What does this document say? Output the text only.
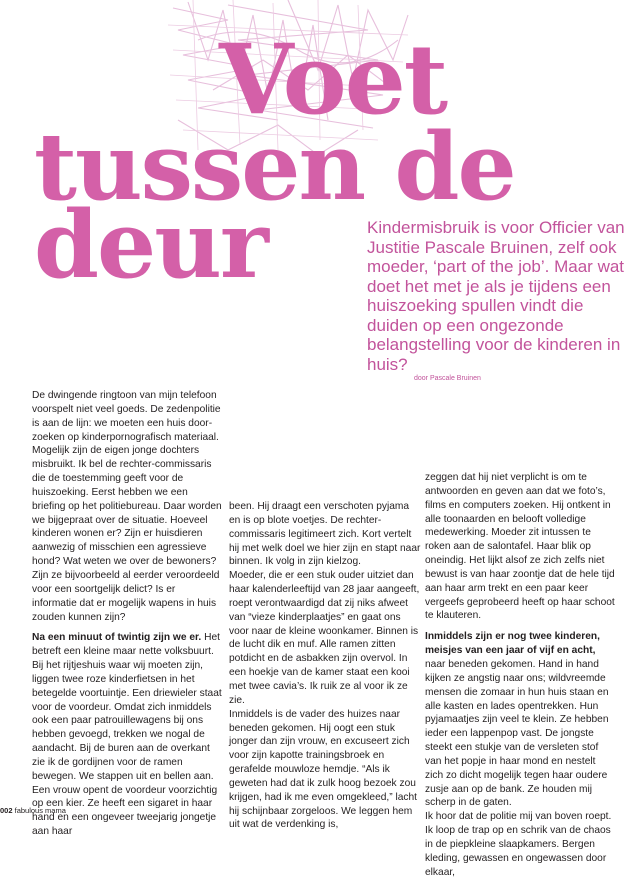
Voet
tussen de
deur	Kindermisbruik is voor Officier van Justitie Pascale Bruinen, zelf ook moeder, ‘part of the job’. Maar wat doet het met je als je tijdens een huiszoeking spullen vindt die duiden op een ongezonde belangstelling voor de kinderen in huis?

door Pascale Bruinen

De dwingende ringtoon van mijn telefoon voorspelt niet veel goeds. De zedenpolitie is aan de lijn: we moeten een huis doorzoeken op kinderpornografisch materiaal. Mogelijk zijn de eigen jonge dochters misbruikt. Ik bel de rechter-commissaris die de toestemming geeft voor de huiszoeking. Eerst hebben we een briefing op het politiebureau. Daar worden we bijgepraat over de situatie. Hoeveel kinderen wonen er? Zijn er huisdieren aanwezig of misschien een agressieve hond? Wat weten we over de bewoners? Zijn ze bijvoorbeeld al eerder veroordeeld voor een soortgelijk delict? Is er informatie dat er mogelijk wapens in huis zouden kunnen zijn?

Na een minuut of twintig zijn we er. Het betreft een kleine maar nette volksbuurt. Bij het rijtjeshuis waar wij moeten zijn, liggen twee roze kinderfietsen in het betegelde voortuintje. Een driewieler staat voor de voordeur. Omdat zich inmiddels ook een paar patrouillewagens bij ons hebben gevoegd, trekken we nogal de aandacht. Bij de buren aan de overkant zie ik de gordijnen voor de ramen bewegen. We stappen uit en bellen aan. Een vrouw opent de voordeur voorzichtig op een kier. Ze heeft een sigaret in haar hand en een ongeveer tweejarig jongetje aan haar

been. Hij draagt een verschoten pyjama en is op blote voetjes. De rechter-commissaris legitimeert zich. Kort vertelt hij met welk doel we hier zijn en stapt naar binnen. Ik volg in zijn kielzog.

Moeder, die er een stuk ouder uitziet dan haar kalenderleeftijd van 28 jaar aangeeft, roept verontwaardigd dat zij niks afweet van “vieze kinderplaatjes” en gaat ons voor naar de kleine woonkamer. Binnen is de lucht dik en muf. Alle ramen zitten potdicht en de asbakken zijn overvol. In een hoekje van de kamer staat een kooi met twee cavia’s. Ik ruik ze al voor ik ze zie.

Inmiddels is de vader des huizes naar beneden gekomen. Hij oogt een stuk jonger dan zijn vrouw, en excuseert zich voor zijn kapotte trainingsbroek en gerafelde mouwloze hemdje. “Als ik geweten had dat ik zulk hoog bezoek zou krijgen, had ik me even omgekleed,” lacht hij schijnbaar zorgeloos. We leggen hem uit wat de verdenking is,

zeggen dat hij niet verplicht is om te antwoorden en geven aan dat we foto’s, films en computers zoeken. Hij ontkent in alle toonaarden en belooft volledige medewerking. Moeder zit intussen te roken aan de salontafel. Haar blik op oneindig. Het lijkt alsof ze zich zelfs niet bewust is van haar zoontje dat de hele tijd aan haar arm trekt en een paar keer vergeefs geprobeerd heeft op haar schoot te klauteren.

Inmiddels zijn er nog twee kinderen, meisjes van een jaar of vijf en acht, naar beneden gekomen. Hand in hand kijken ze angstig naar ons; wildvreemde mensen die zomaar in hun huis staan en alle kasten en lades opentrekken. Hun pyjamaatjes zijn veel te klein. Ze hebben ieder een lappenpop vast. De jongste steekt een stukje van de versleten stof van het popje in haar mond en nestelt zich zo dicht mogelijk tegen haar oudere zusje aan op de bank. Ze houden mij scherp in de gaten.

Ik hoor dat de politie mij van boven roept. Ik loop de trap op en schrik van de chaos in de piepkleine slaapkamers. Bergen kleding, gewassen en ongewassen door elkaar,

002 fabulous mama
